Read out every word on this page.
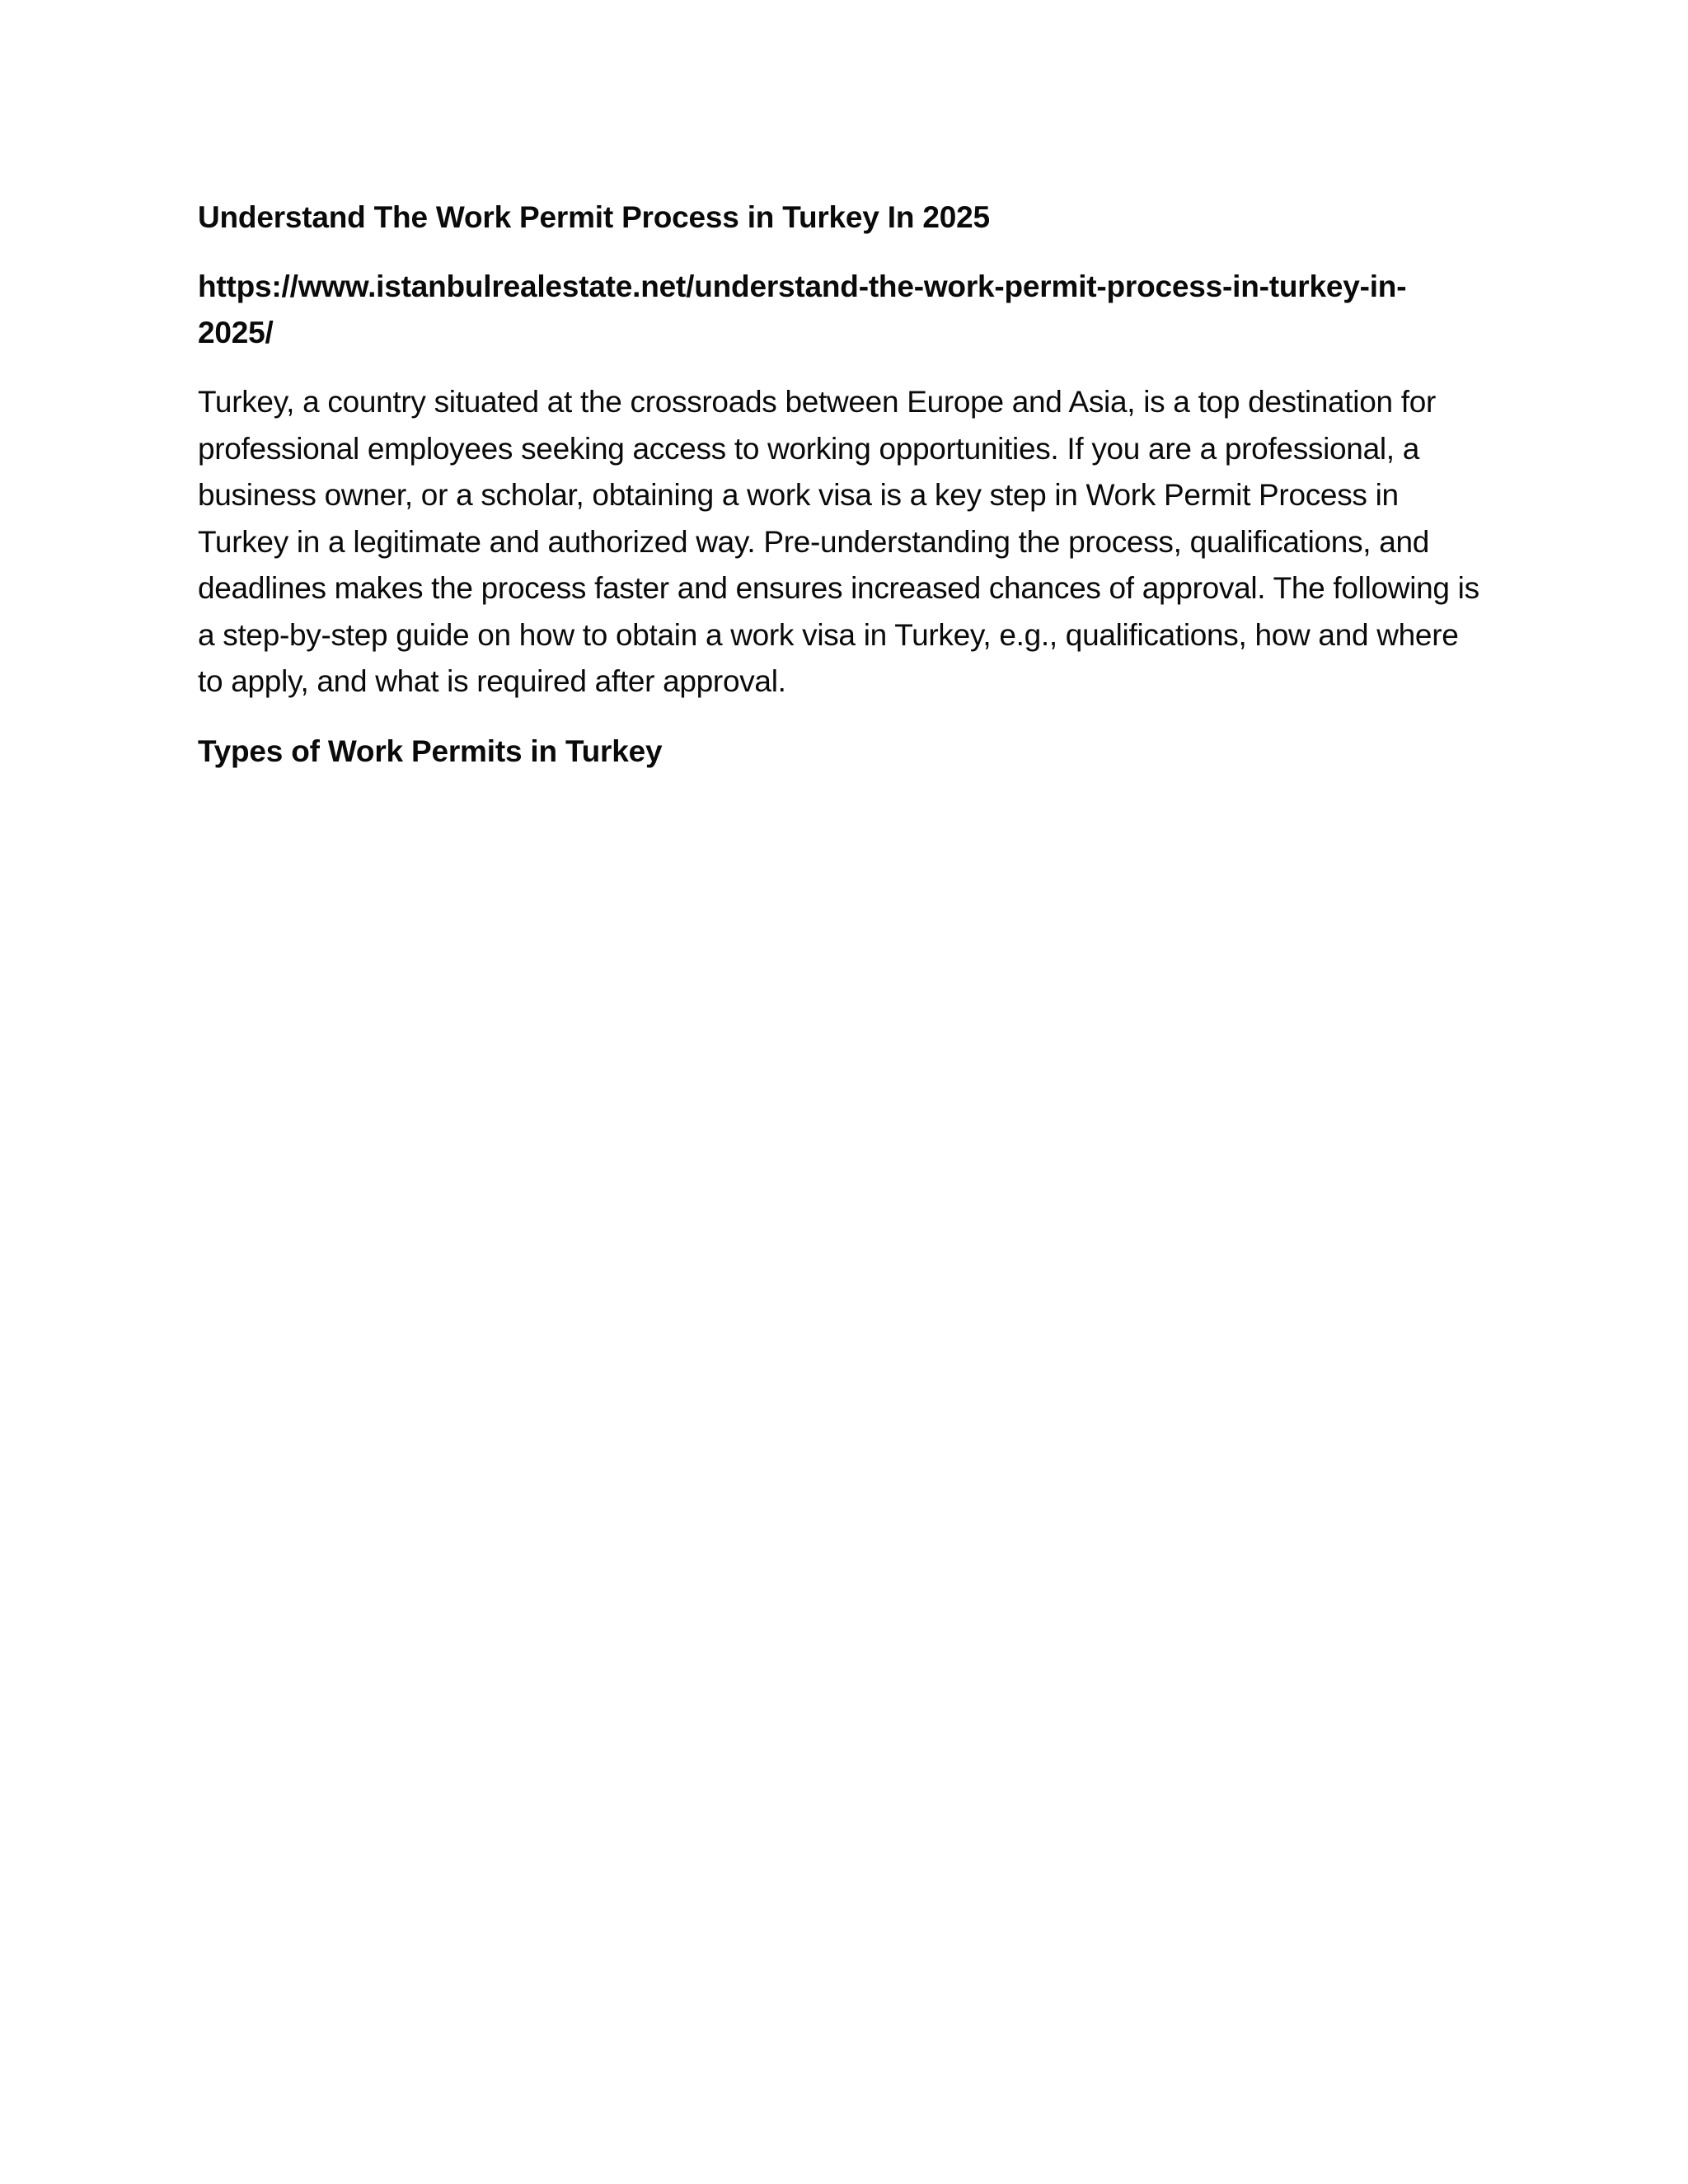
Understand The Work Permit Process in Turkey In 2025

https://www.istanbulrealestate.net/understand-the-work-permit-process-in-turkey-in-2025/

Turkey, a country situated at the crossroads between Europe and Asia, is a top destination for professional employees seeking access to working opportunities. If you are a professional, a business owner, or a scholar, obtaining a work visa is a key step in Work Permit Process in Turkey in a legitimate and authorized way. Pre-understanding the process, qualifications, and deadlines makes the process faster and ensures increased chances of approval. The following is a step-by-step guide on how to obtain a work visa in Turkey, e.g., qualifications, how and where to apply, and what is required after approval.

Types of Work Permits in Turkey
